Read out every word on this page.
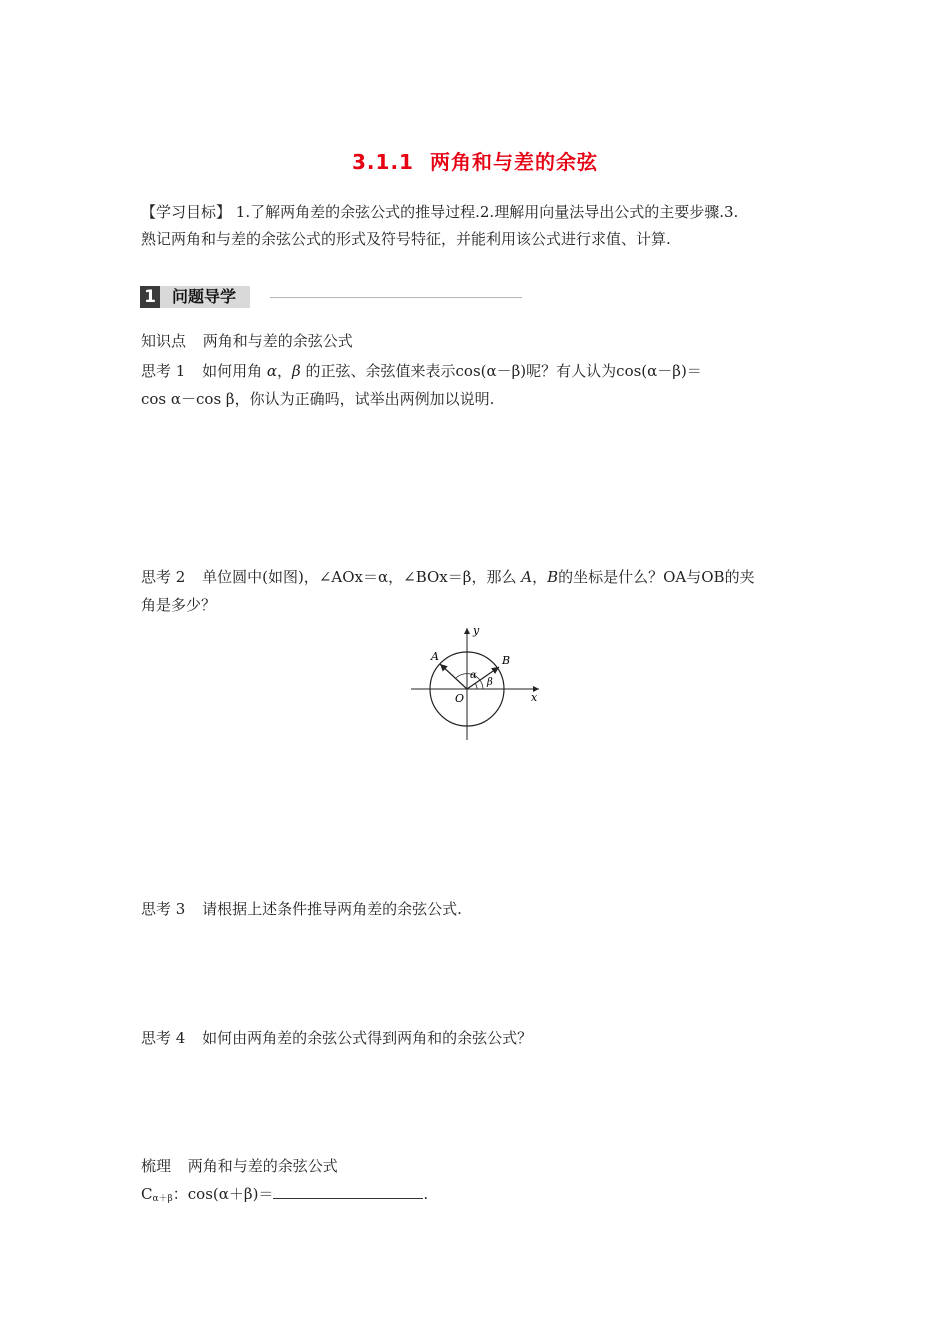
3.1.1 两角和与差的余弦
【学习目标】 1.了解两角差的余弦公式的推导过程.2.理解用向量法导出公式的主要步骤.3.
熟记两角和与差的余弦公式的形式及符号特征，并能利用该公式进行求值、计算.
1	问题导学
知识点 两角和与差的余弦公式
思考 1 如何用角 α，β 的正弦、余弦值来表示cos(α－β)呢？有人认为cos(α－β)＝
cos α－cos β，你认为正确吗，试举出两例加以说明.
思考 2 单位圆中(如图)，∠AOx＝α，∠BOx＝β，那么 A，B的坐标是什么？OA与OB的夹
角是多少？
y
x
O
A	B
α
β
思考 3 请根据上述条件推导两角差的余弦公式.
思考 4 如何由两角差的余弦公式得到两角和的余弦公式？
梳理 两角和与差的余弦公式
$C_{\alpha+\beta}$：cos(α＋β)＝	.
